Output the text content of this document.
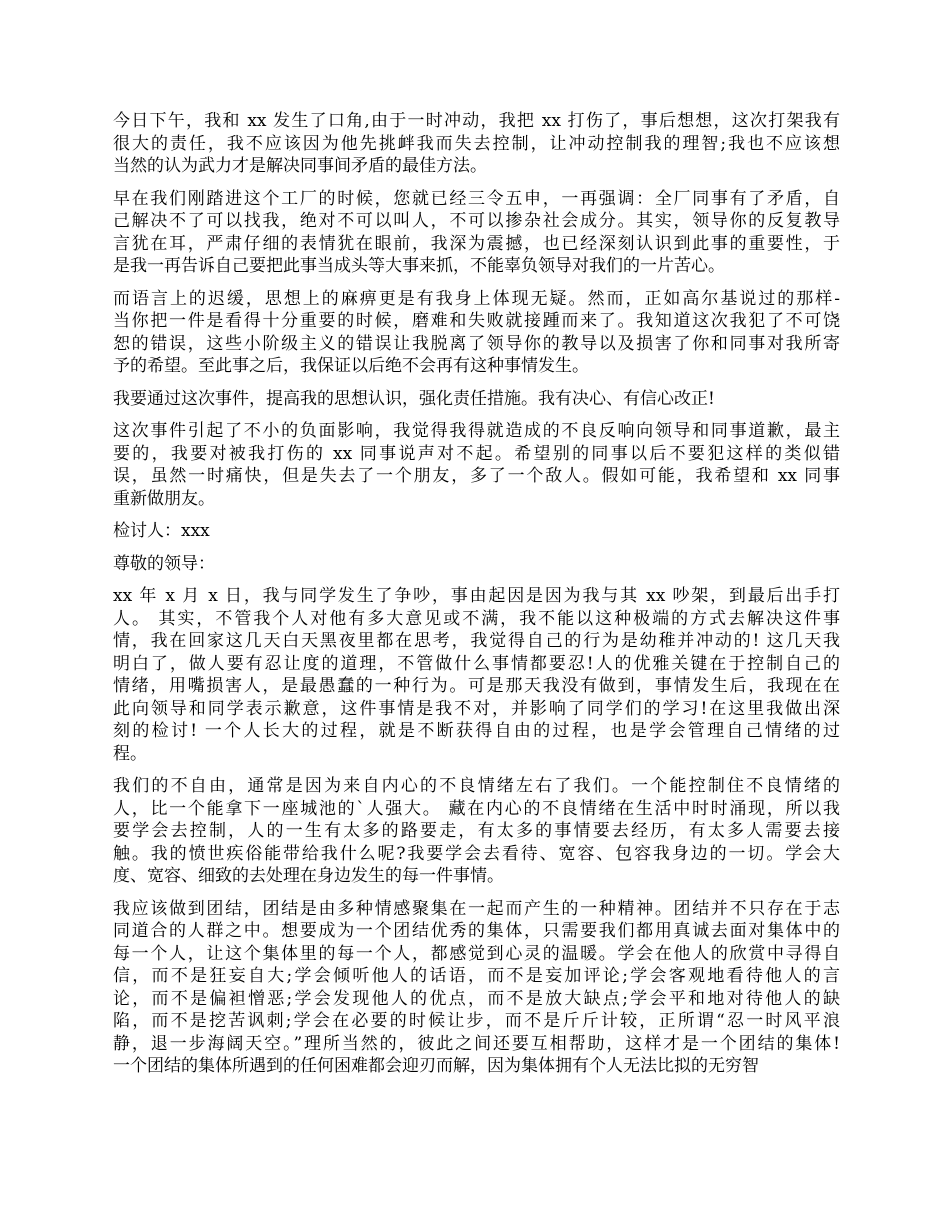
今日下午，我和 xx 发生了口角,由于一时冲动，我把 xx 打伤了，事后想想，这次打架我有
很大的责任，我不应该因为他先挑衅我而失去控制，让冲动控制我的理智;我也不应该想
当然的认为武力才是解决同事间矛盾的最佳方法。
早在我们刚踏进这个工厂的时候，您就已经三令五申，一再强调：全厂同事有了矛盾，自
己解决不了可以找我，绝对不可以叫人，不可以掺杂社会成分。其实，领导你的反复教导
言犹在耳，严肃仔细的表情犹在眼前，我深为震撼，也已经深刻认识到此事的重要性，于
是我一再告诉自己要把此事当成头等大事来抓，不能辜负领导对我们的一片苦心。
而语言上的迟缓，思想上的麻痹更是有我身上体现无疑。然而，正如高尔基说过的那样-
当你把一件是看得十分重要的时候，磨难和失败就接踵而来了。我知道这次我犯了不可饶
恕的错误，这些小阶级主义的错误让我脱离了领导你的教导以及损害了你和同事对我所寄
予的希望。至此事之后，我保证以后绝不会再有这种事情发生。
我要通过这次事件，提高我的思想认识，强化责任措施。我有决心、有信心改正!
这次事件引起了不小的负面影响，我觉得我得就造成的不良反响向领导和同事道歉，最主
要的，我要对被我打伤的 xx 同事说声对不起。希望别的同事以后不要犯这样的类似错
误，虽然一时痛快，但是失去了一个朋友，多了一个敌人。假如可能，我希望和 xx 同事
重新做朋友。
检讨人：xxx
尊敬的领导：
xx 年 x 月 x 日，我与同学发生了争吵，事由起因是因为我与其 xx 吵架，到最后出手打
人。 其实，不管我个人对他有多大意见或不满，我不能以这种极端的方式去解决这件事
情，我在回家这几天白天黑夜里都在思考，我觉得自己的行为是幼稚并冲动的! 这几天我
明白了，做人要有忍让度的道理，不管做什么事情都要忍!人的优雅关键在于控制自己的
情绪，用嘴损害人，是最愚蠢的一种行为。可是那天我没有做到，事情发生后，我现在在
此向领导和同学表示歉意，这件事情是我不对，并影响了同学们的学习!在这里我做出深
刻的检讨! 一个人长大的过程，就是不断获得自由的过程，也是学会管理自己情绪的过
程。
我们的不自由，通常是因为来自内心的不良情绪左右了我们。一个能控制住不良情绪的
人，比一个能拿下一座城池的`人强大。 藏在内心的不良情绪在生活中时时涌现，所以我
要学会去控制，人的一生有太多的路要走，有太多的事情要去经历，有太多人需要去接
触。我的愤世疾俗能带给我什么呢?我要学会去看待、宽容、包容我身边的一切。学会大
度、宽容、细致的去处理在身边发生的每一件事情。
我应该做到团结，团结是由多种情感聚集在一起而产生的一种精神。团结并不只存在于志
同道合的人群之中。想要成为一个团结优秀的集体，只需要我们都用真诚去面对集体中的
每一个人，让这个集体里的每一个人，都感觉到心灵的温暖。学会在他人的欣赏中寻得自
信，而不是狂妄自大;学会倾听他人的话语，而不是妄加评论;学会客观地看待他人的言
论，而不是偏袒憎恶;学会发现他人的优点，而不是放大缺点;学会平和地对待他人的缺
陷，而不是挖苦讽刺;学会在必要的时候让步，而不是斤斤计较，正所谓“忍一时风平浪
静，退一步海阔天空。”理所当然的，彼此之间还要互相帮助，这样才是一个团结的集体!
一个团结的集体所遇到的任何困难都会迎刃而解，因为集体拥有个人无法比拟的无穷智
